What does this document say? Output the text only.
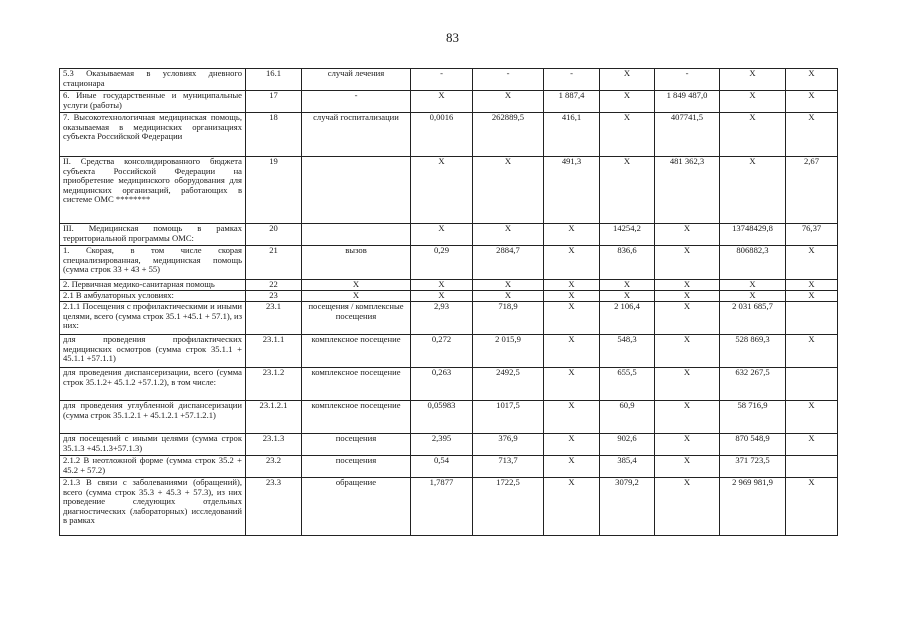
83
5.3 Оказываемая в условиях дневного стационара	16.1	случай лечения	-	-	-	X	-	X	X
6. Иные государственные и муниципальные услуги (работы)	17	-	X	X	1 887,4	X	1 849 487,0	X	X
7. Высокотехнологичная медицинская помощь, оказываемая в медицинских организациях субъекта Российской Федерации	18	случай госпитализации	0,0016	262889,5	416,1	X	407741,5	X	X
II. Средства консолидированного бюджета субъекта Российской Федерации на приобретение медицинского оборудования для медицинских организаций, работающих в системе ОМС ********	19		X	X	491,3	X	481 362,3	X	2,67
III. Медицинская помощь в рамках территориальной программы ОМС:	20		X	X	X	14254,2	X	13748429,8	76,37
1. Скорая, в том числе скорая специализированная, медицинская помощь (сумма строк 33 + 43 + 55)	21	вызов	0,29	2884,7	X	836,6	X	806882,3	X
2. Первичная медико-санитарная помощь	22	X	X	X	X	X	X	X	X
2.1 В амбулаторных условиях:	23	X	X	X	X	X	X	X	X
2.1.1 Посещения с профилактическими и иными целями, всего (сумма строк 35.1 +45.1 + 57.1), из них:	23.1	посещения / комплексные посещения	2,93	718,9	X	2 106,4	X	2 031 685,7	
для проведения профилактических медицинских осмотров (сумма строк 35.1.1 + 45.1.1 +57.1.1)	23.1.1	комплексное посещение	0,272	2 015,9	X	548,3	X	528 869,3	X
для проведения диспансеризации, всего (сумма строк 35.1.2+ 45.1.2 +57.1.2), в том числе:	23.1.2	комплексное посещение	0,263	2492,5	X	655,5	X	632 267,5	
для проведения углубленной диспансеризации (сумма строк 35.1.2.1 + 45.1.2.1 +57.1.2.1)	23.1.2.1	комплексное посещение	0,05983	1017,5	X	60,9	X	58 716,9	X
для посещений с иными целями (сумма строк 35.1.3 +45.1.3+57.1.3)	23.1.3	посещения	2,395	376,9	X	902,6	X	870 548,9	X
2.1.2 В неотложной форме (сумма строк 35.2 + 45.2 + 57.2)	23.2	посещения	0,54	713,7	X	385,4	X	371 723,5	
2.1.3 В связи с заболеваниями (обращений), всего (сумма строк 35.3 + 45.3 + 57.3), из них проведение следующих отдельных диагностических (лабораторных) исследований в рамках	23.3	обращение	1,7877	1722,5	X	3079,2	X	2 969 981,9	X
